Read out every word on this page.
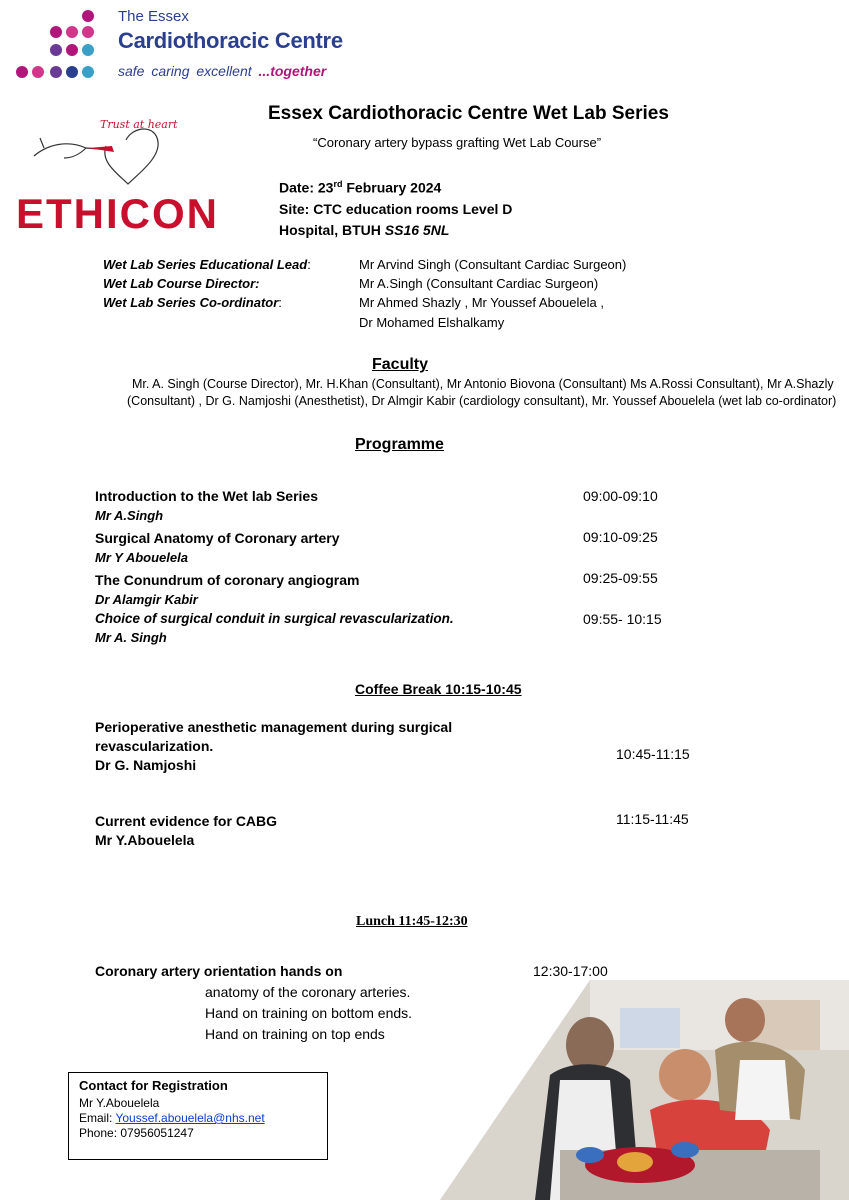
The Essex
Cardiothoracic Centre
safe caring excellent ...together
Trust at heart
ETHICON
Essex Cardiothoracic Centre Wet Lab Series
“Coronary artery bypass grafting Wet Lab Course”
Date: 23rd February 2024
Site: CTC education rooms Level D
Hospital, BTUH SS16 5NL
Wet Lab Series Educational Lead:	Mr Arvind Singh (Consultant Cardiac Surgeon)
Wet Lab Course Director:	Mr A.Singh (Consultant Cardiac Surgeon)
Wet Lab Series Co-ordinator:	Mr Ahmed Shazly , Mr Youssef Abouelela ,
Dr Mohamed Elshalkamy
Faculty
Mr. A. Singh (Course Director), Mr. H.Khan (Consultant), Mr Antonio Biovona (Consultant) Ms A.Rossi Consultant), Mr A.Shazly (Consultant) , Dr G. Namjoshi (Anesthetist), Dr Almgir Kabir (cardiology consultant), Mr. Youssef Abouelela (wet lab co-ordinator)
Programme
Introduction to the Wet lab Series
Mr A.Singh
09:00-09:10
Surgical Anatomy of Coronary artery
Mr Y Abouelela
09:10-09:25
The Conundrum of coronary angiogram
Dr Alamgir Kabir
09:25-09:55
Choice of surgical conduit in surgical revascularization.
Mr A. Singh
09:55- 10:15
Coffee Break 10:15-10:45
Perioperative anesthetic management during surgical
revascularization.
Dr G. Namjoshi
10:45-11:15
Current evidence for CABG
Mr Y.Abouelela
11:15-11:45
Lunch 11:45-12:30
Coronary artery orientation hands on	12:30-17:00
anatomy of the coronary arteries.
Hand on training on bottom ends.
Hand on training on top ends
Contact for Registration
Mr Y.Abouelela
Email: Youssef.abouelela@nhs.net
Phone: 07956051247
